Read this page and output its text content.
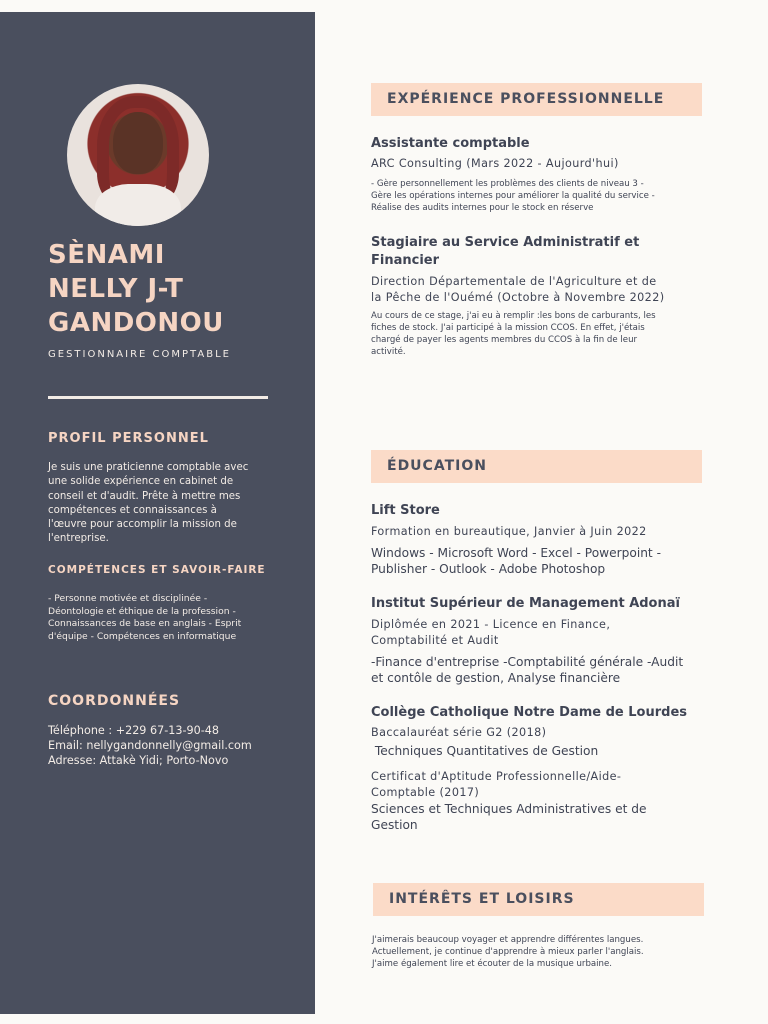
SÈNAMI
NELLY J-T
GANDONOU
GESTIONNAIRE COMPTABLE
PROFIL PERSONNEL
Je suis une praticienne comptable avec
une solide expérience en cabinet de
conseil et d'audit. Prête à mettre mes
compétences et connaissances à
l'œuvre pour accomplir la mission de
l'entreprise.
COMPÉTENCES ET SAVOIR-FAIRE
- Personne motivée et disciplinée -
Déontologie et éthique de la profession -
Connaissances de base en anglais - Esprit
d'équipe - Compétences en informatique
COORDONNÉES
Téléphone : +229 67-13-90-48
Email: nellygandonnelly@gmail.com
Adresse: Attakè Yidi; Porto-Novo
EXPÉRIENCE PROFESSIONNELLE
Assistante comptable
ARC Consulting (Mars 2022 - Aujourd'hui)
- Gère personnellement les problèmes des clients de niveau 3 -
Gère les opérations internes pour améliorer la qualité du service -
Réalise des audits internes pour le stock en réserve
Stagiaire au Service Administratif et
Financier
Direction Départementale de l'Agriculture et de
la Pêche de l'Ouémé (Octobre à Novembre 2022)
Au cours de ce stage, j'ai eu à remplir :les bons de carburants, les
fiches de stock. J'ai participé à la mission CCOS. En effet, j'étais
chargé de payer les agents membres du CCOS à la fin de leur
activité.
ÉDUCATION
Lift Store
Formation en bureautique, Janvier à Juin 2022
Windows - Microsoft Word - Excel - Powerpoint -
Publisher - Outlook - Adobe Photoshop
Institut Supérieur de Management Adonaï
Diplômée en 2021 - Licence en Finance,
Comptabilité et Audit
-Finance d'entreprise -Comptabilité générale -Audit
et contôle de gestion, Analyse financière
Collège Catholique Notre Dame de Lourdes
Baccalauréat série G2 (2018)
Techniques Quantitatives de Gestion
Certificat d'Aptitude Professionnelle/Aide-
Comptable (2017)
Sciences et Techniques Administratives et de
Gestion
INTÉRÊTS ET LOISIRS
J'aimerais beaucoup voyager et apprendre différentes langues.
Actuellement, je continue d'apprendre à mieux parler l'anglais.
J'aime également lire et écouter de la musique urbaine.
